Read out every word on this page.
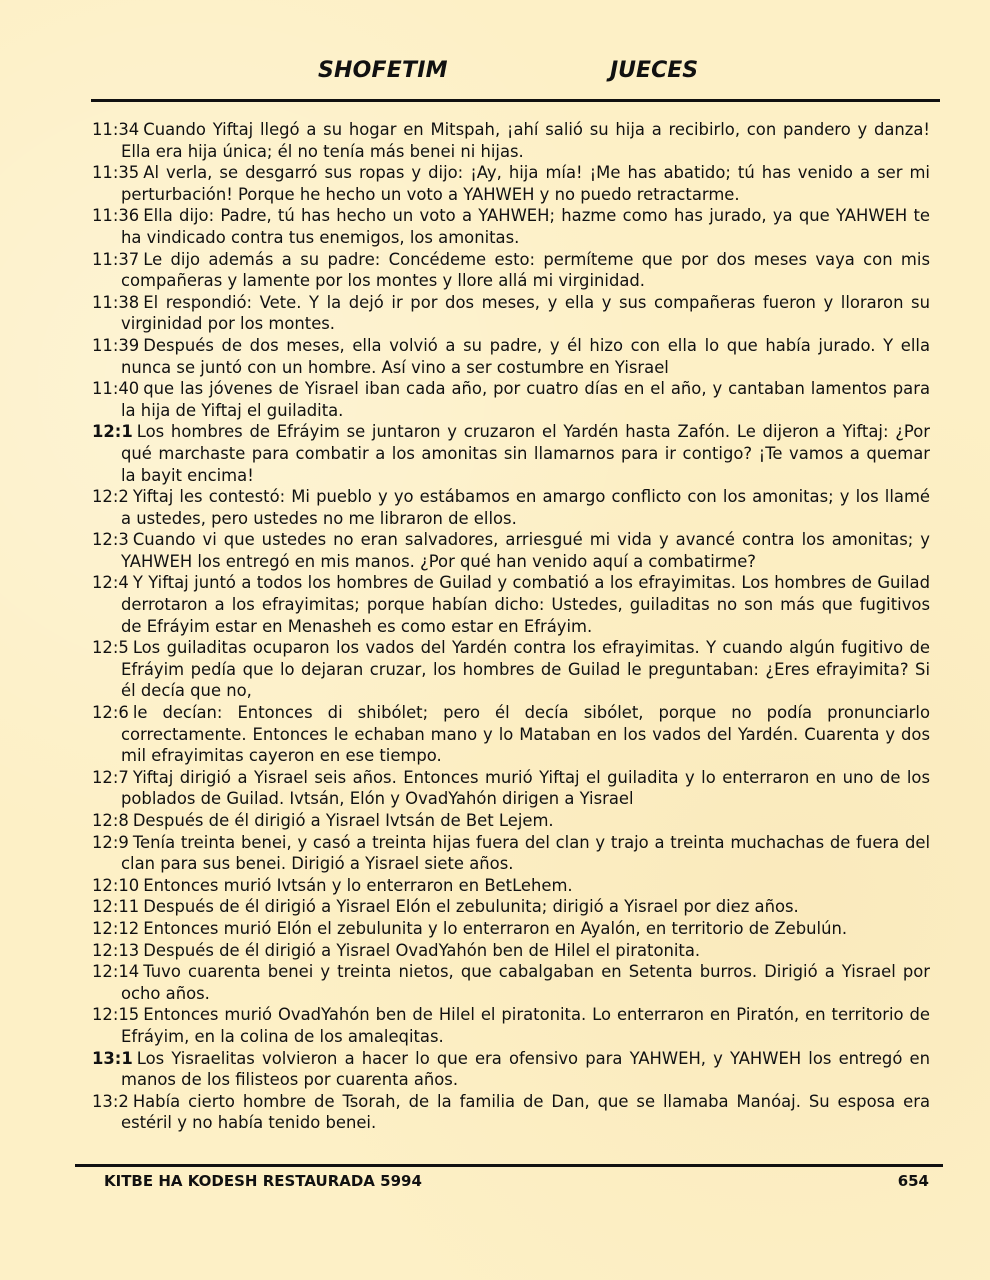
SHOFETIM	JUECES

11:34 Cuando Yiftaj llegó a su hogar en Mitspah, ¡ahí salió su hija a recibirlo, con pandero y danza! Ella era hija única; él no tenía más benei ni hijas.

11:35 Al verla, se desgarró sus ropas y dijo: ¡Ay, hija mía! ¡Me has abatido; tú has venido a ser mi perturbación! Porque he hecho un voto a YAHWEH y no puedo retractarme.

11:36 Ella dijo: Padre, tú has hecho un voto a YAHWEH; hazme como has jurado, ya que YAHWEH te ha vindicado contra tus enemigos, los amonitas.

11:37 Le dijo además a su padre: Concédeme esto: permíteme que por dos meses vaya con mis compañeras y lamente por los montes y llore allá mi virginidad.

11:38 El respondió: Vete. Y la dejó ir por dos meses, y ella y sus compañeras fueron y lloraron su virginidad por los montes.

11:39 Después de dos meses, ella volvió a su padre, y él hizo con ella lo que había jurado. Y ella nunca se juntó con un hombre. Así vino a ser costumbre en Yisrael

11:40 que las jóvenes de Yisrael iban cada año, por cuatro días en el año, y cantaban lamentos para la hija de Yiftaj el guiladita.

12:1 Los hombres de Efráyim se juntaron y cruzaron el Yardén hasta Zafón. Le dijeron a Yiftaj: ¿Por qué marchaste para combatir a los amonitas sin llamarnos para ir contigo? ¡Te vamos a quemar la bayit encima!

12:2 Yiftaj les contestó: Mi pueblo y yo estábamos en amargo conflicto con los amonitas; y los llamé a ustedes, pero ustedes no me libraron de ellos.

12:3 Cuando vi que ustedes no eran salvadores, arriesgué mi vida y avancé contra los amonitas; y YAHWEH los entregó en mis manos. ¿Por qué han venido aquí a combatirme?

12:4 Y Yiftaj juntó a todos los hombres de Guilad y combatió a los efrayimitas. Los hombres de Guilad derrotaron a los efrayimitas; porque habían dicho: Ustedes, guiladitas no son más que fugitivos de Efráyim estar en Menasheh es como estar en Efráyim.

12:5 Los guiladitas ocuparon los vados del Yardén contra los efrayimitas. Y cuando algún fugitivo de Efráyim pedía que lo dejaran cruzar, los hombres de Guilad le preguntaban: ¿Eres efrayimita? Si él decía que no,

12:6 le decían: Entonces di shibólet; pero él decía sibólet, porque no podía pronunciarlo correctamente. Entonces le echaban mano y lo Mataban en los vados del Yardén. Cuarenta y dos mil efrayimitas cayeron en ese tiempo.

12:7 Yiftaj dirigió a Yisrael seis años. Entonces murió Yiftaj el guiladita y lo enterraron en uno de los poblados de Guilad. Ivtsán, Elón y OvadYahón dirigen a Yisrael

12:8 Después de él dirigió a Yisrael Ivtsán de Bet Lejem.

12:9 Tenía treinta benei, y casó a treinta hijas fuera del clan y trajo a treinta muchachas de fuera del clan para sus benei. Dirigió a Yisrael siete años.

12:10 Entonces murió Ivtsán y lo enterraron en BetLehem.

12:11 Después de él dirigió a Yisrael Elón el zebulunita; dirigió a Yisrael por diez años.

12:12 Entonces murió Elón el zebulunita y lo enterraron en Ayalón, en territorio de Zebulún.

12:13 Después de él dirigió a Yisrael OvadYahón ben de Hilel el piratonita.

12:14 Tuvo cuarenta benei y treinta nietos, que cabalgaban en Setenta burros. Dirigió a Yisrael por ocho años.

12:15 Entonces murió OvadYahón ben de Hilel el piratonita. Lo enterraron en Piratón, en territorio de Efráyim, en la colina de los amaleqitas.

13:1 Los Yisraelitas volvieron a hacer lo que era ofensivo para YAHWEH, y YAHWEH los entregó en manos de los filisteos por cuarenta años.

13:2 Había cierto hombre de Tsorah, de la familia de Dan, que se llamaba Manóaj. Su esposa era estéril y no había tenido benei.

KITBE HA KODESH RESTAURADA 5994	654
